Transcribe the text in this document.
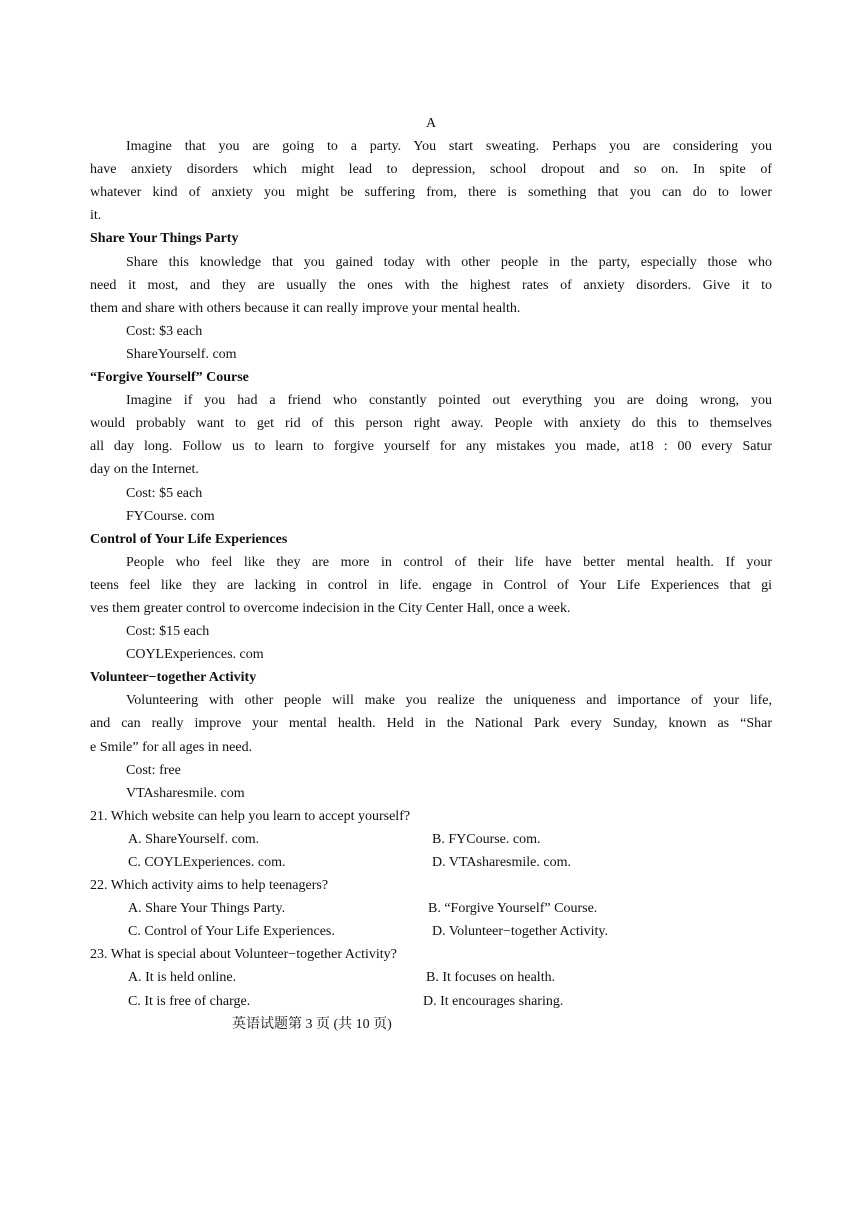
A
Imagine that you are going to a party. You start sweating. Perhaps you are considering you
have anxiety disorders which might lead to depression, school dropout and so on. In spite of
whatever kind of anxiety you might be suffering from, there is something that you can do to lower
it.
Share Your Things Party
Share this knowledge that you gained today with other people in the party, especially those who
need it most, and they are usually the ones with the highest rates of anxiety disorders. Give it to
them and share with others because it can really improve your mental health.
Cost: $3 each
ShareYourself. com
“Forgive Yourself” Course
Imagine if you had a friend who constantly pointed out everything you are doing wrong, you
would probably want to get rid of this person right away. People with anxiety do this to themselves
all day long. Follow us to learn to forgive yourself for any mistakes you made, at18 : 00 every Satur
day on the Internet.
Cost: $5 each
FYCourse. com
Control of Your Life Experiences
People who feel like they are more in control of their life have better mental health. If your
teens feel like they are lacking in control in life. engage in Control of Your Life Experiences that gi
ves them greater control to overcome indecision in the City Center Hall, once a week.
Cost: $15 each
COYLExperiences. com
Volunteer−together Activity
Volunteering with other people will make you realize the uniqueness and importance of your life,
and can really improve your mental health. Held in the National Park every Sunday, known as “Shar
e Smile” for all ages in need.
Cost: free
VTAsharesmile. com
21. Which website can help you learn to accept yourself?
A. ShareYourself. com.	B. FYCourse. com.
C. COYLExperiences. com.	D. VTAsharesmile. com.
22. Which activity aims to help teenagers?
A. Share Your Things Party.	B. “Forgive Yourself” Course.
C. Control of Your Life Experiences.	D. Volunteer−together Activity.
23. What is special about Volunteer−together Activity?
A. It is held online.	B. It focuses on health.
C. It is free of charge.	D. It encourages sharing.
英语试题第 3 页 (共 10 页)
